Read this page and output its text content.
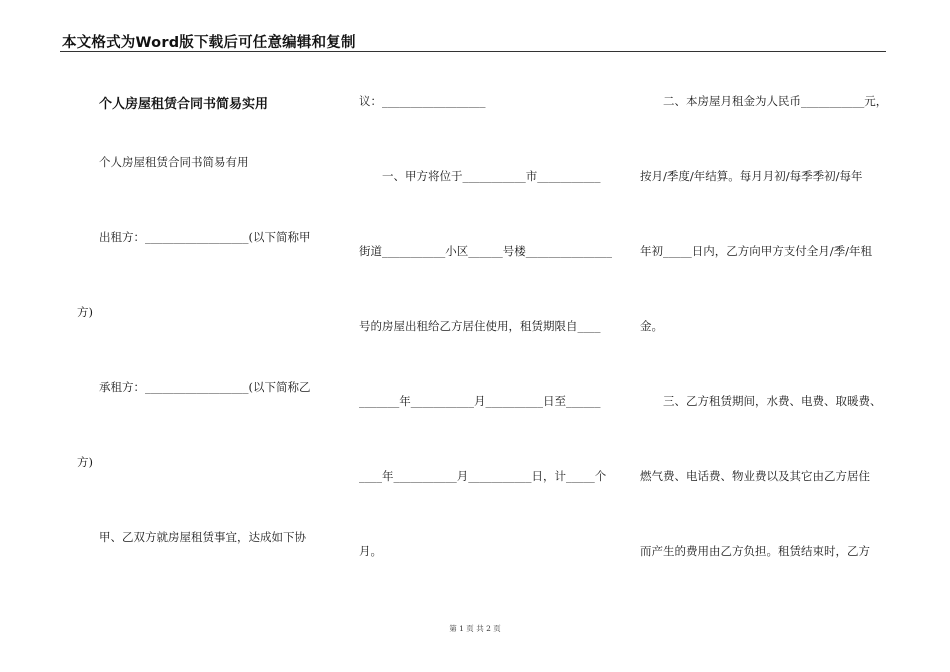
本文格式为Word版下载后可任意编辑和复制
个人房屋租赁合同书简易实用
个人房屋租赁合同书简易有用
出租方：__________________(以下简称甲
方)
承租方：__________________(以下简称乙
方)
甲、乙双方就房屋租赁事宜，达成如下协
议：__________________
一、甲方将位于___________市___________
街道___________小区______号楼_______________
号的房屋出租给乙方居住使用，租赁期限自____
_______年___________月__________日至______
____年___________月___________日，计_____个
月。
二、本房屋月租金为人民币___________元，
按月/季度/年结算。每月月初/每季季初/每年
年初_____日内，乙方向甲方支付全月/季/年租
金。
三、乙方租赁期间，水费、电费、取暖费、
燃气费、电话费、物业费以及其它由乙方居住
而产生的费用由乙方负担。租赁结束时，乙方
第 1 页 共 2 页
